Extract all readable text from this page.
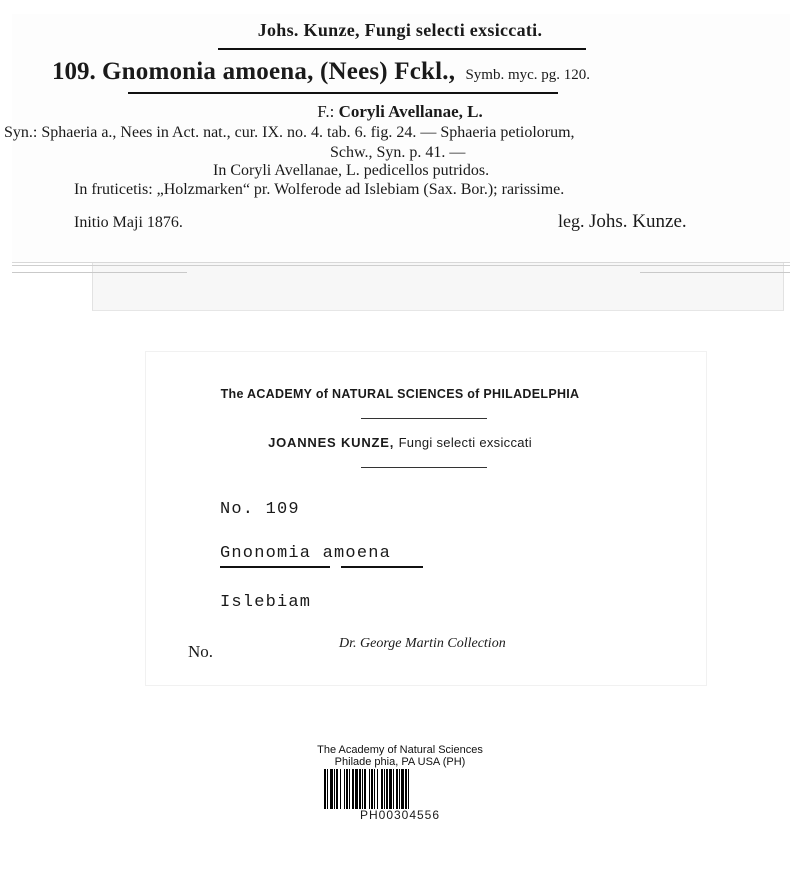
Johs. Kunze, Fungi selecti exsiccati.
109. Gnomonia amoena, (Nees) Fckl., Symb. myc. pg. 120.
F.: Coryli Avellanae, L.
Syn.: Sphaeria a., Nees in Act. nat., cur. IX. no. 4. tab. 6. fig. 24. — Sphaeria petiolorum,
Schw., Syn. p. 41. —
In Coryli Avellanae, L. pedicellos putridos.
In fruticetis: „Holzmarken“ pr. Wolferode ad Islebiam (Sax. Bor.); rarissime.
Initio Maji 1876.	leg. Johs. Kunze.
The ACADEMY of NATURAL SCIENCES of PHILADELPHIA
JOANNES KUNZE, Fungi selecti exsiccati
No. 109
Gnonomia amoena
Islebiam
No.	Dr. George Martin Collection
The Academy of Natural Sciences
Philade phia, PA USA (PH)
PH00304556
